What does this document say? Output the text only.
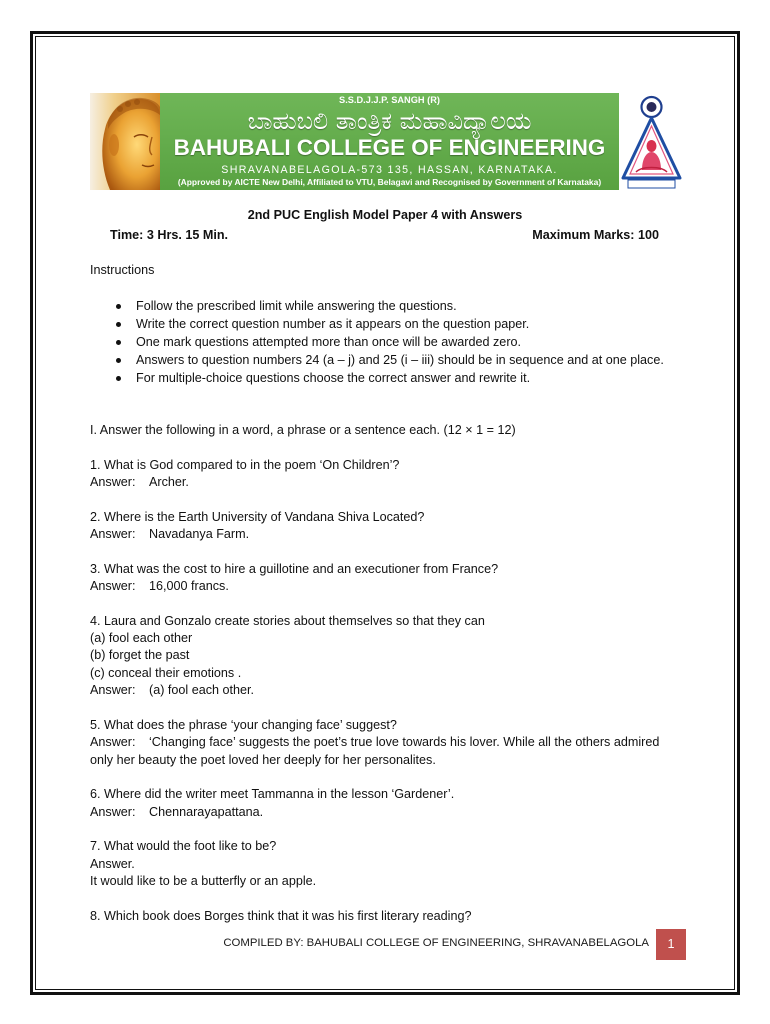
S.S.D.J.J.P. SANGH (R)
ಬಾಹುಬಲಿ ತಾಂತ್ರಿಕ ಮಹಾವಿದ್ಯಾಲಯ
BAHUBALI COLLEGE OF ENGINEERING
SHRAVANABELAGOLA-573 135, HASSAN, KARNATAKA.
(Approved by AICTE New Delhi, Affiliated to VTU, Belagavi and Recognised by Government of Karnataka)
2nd PUC English Model Paper 4 with Answers
Time: 3 Hrs. 15 Min.	Maximum Marks: 100
Instructions
Follow the prescribed limit while answering the questions.
Write the correct question number as it appears on the question paper.
One mark questions attempted more than once will be awarded zero.
Answers to question numbers 24 (a – j) and 25 (i – iii) should be in sequence and at one place.
For multiple-choice questions choose the correct answer and rewrite it.
I. Answer the following in a word, a phrase or a sentence each. (12 × 1 = 12)
1. What is God compared to in the poem ‘On Children’?
Answer: Archer.
2. Where is the Earth University of Vandana Shiva Located?
Answer: Navadanya Farm.
3. What was the cost to hire a guillotine and an executioner from France?
Answer: 16,000 francs.
4. Laura and Gonzalo create stories about themselves so that they can
(a) fool each other
(b) forget the past
(c) conceal their emotions .
Answer: (a) fool each other.
5. What does the phrase ‘your changing face’ suggest?
Answer: ‘Changing face’ suggests the poet’s true love towards his lover. While all the others admired only her beauty the poet loved her deeply for her personalites.
6. Where did the writer meet Tammanna in the lesson ‘Gardener’.
Answer: Chennarayapattana.
7. What would the foot like to be?
Answer.
It would like to be a butterfly or an apple.
8. Which book does Borges think that it was his first literary reading?
COMPILED BY: BAHUBALI COLLEGE OF ENGINEERING, SHRAVANABELAGOLA	1
